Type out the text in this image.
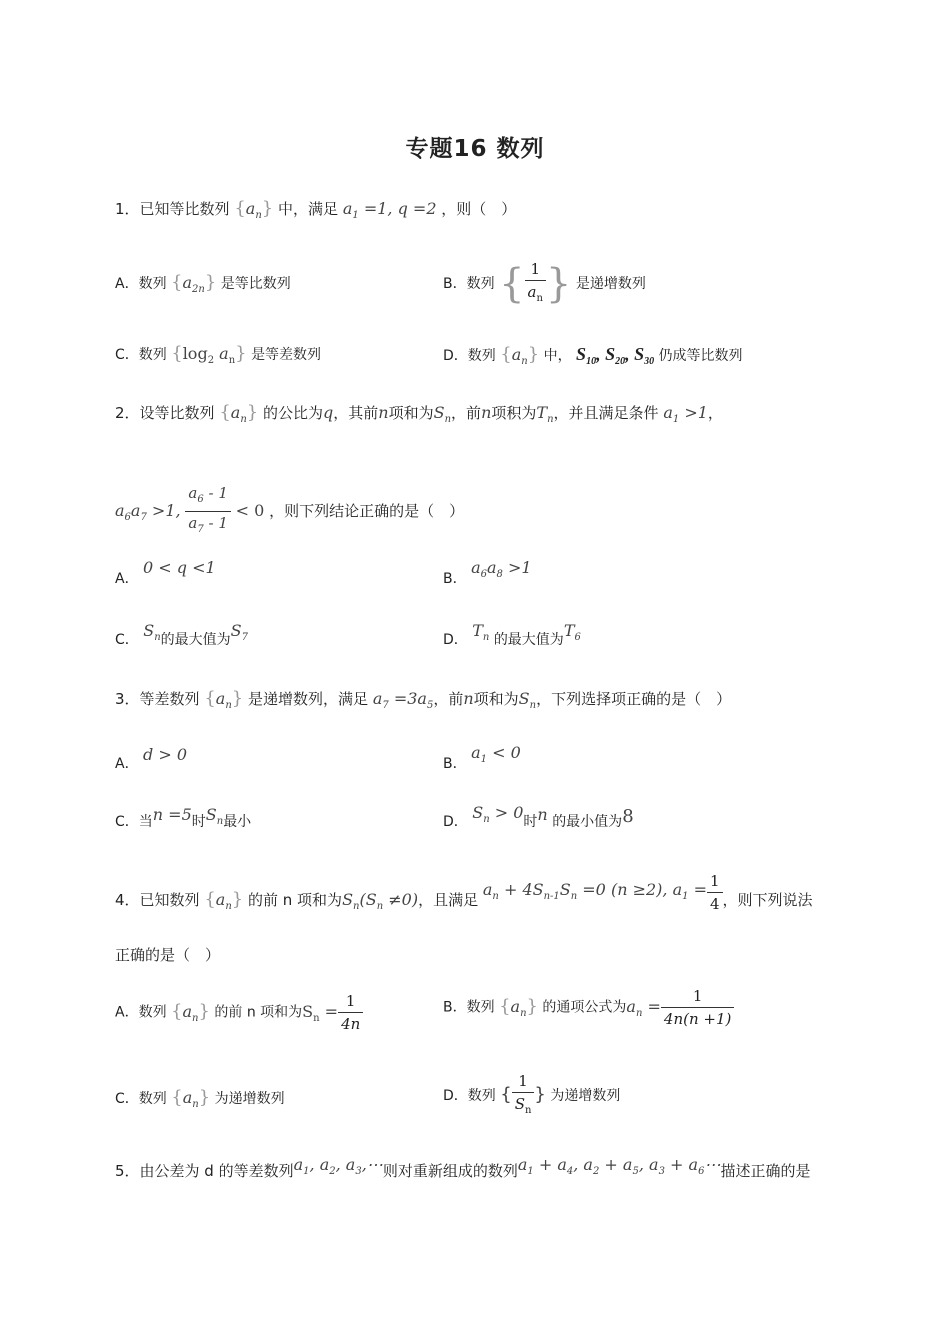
专题16 数列
1．已知等比数列 $\{a_n\}$ 中，满足 $a_1 =1$, q =2 ，则（　）
A．数列 $\{a_{2n}\}$ 是等比数列	B．数列 { $\frac{1}{a_n}$ } 是递增数列
C．数列 {$\log_2$ $a_n$} 是等差数列	D．数列 $\{a_n\}$ 中， $S_{10}$, $S_{20}$, $S_{30}$ 仍成等比数列
2．设等比数列 $\{a_n\}$ 的公比为q，其前n项和为$S_n$，前n项积为$T_n$，并且满足条件 $a_1 >1$，
$a_6a_7 >1$, $\frac{a_6 - 1}{a_7 - 1} < 0$ ，则下列结论正确的是（　）
A． 0 < q <1
B． $a_6a_8 >1$
C． $S_n$的最大值为$S_7$	D． $T_n$ 的最大值为$T_6$
3．等差数列 $\{a_n\}$ 是递增数列，满足 $a_7 =3a_5$，前n项和为$S_n$，下列选择项正确的是（　）
A． d > 0	B． $a_1 < 0$
C．当n =5时$S_n$最小	D． $S_n > 0$时n 的最小值为8
4．已知数列 $\{a_n\}$ 的前 n 项和为$S_n(S_n \ne 0)$，且满足 $a_n + 4S_{n-1}S_n =0$ (n ≥2), $a_1 = \frac{1}{4}$ ，则下列说法
正确的是（　）
A．数列 $\{a_n\}$ 的前 n 项和为$S_n = \frac{1}{4n}$	B．数列 $\{a_n\}$ 的通项公式为$a_n = \frac{1}{4n(n +1)}$
C．数列 $\{a_n\}$ 为递增数列	D．数列 { $\frac{1}{S_n}$ } 为递增数列
5．由公差为 d 的等差数列$a_1$, $a_2$, $a_3,\cdots$则对重新组成的数列$a_1 + a_4$, $a_2 + a_5$, $a_3$ + $a_6\cdots$描述正确的是
